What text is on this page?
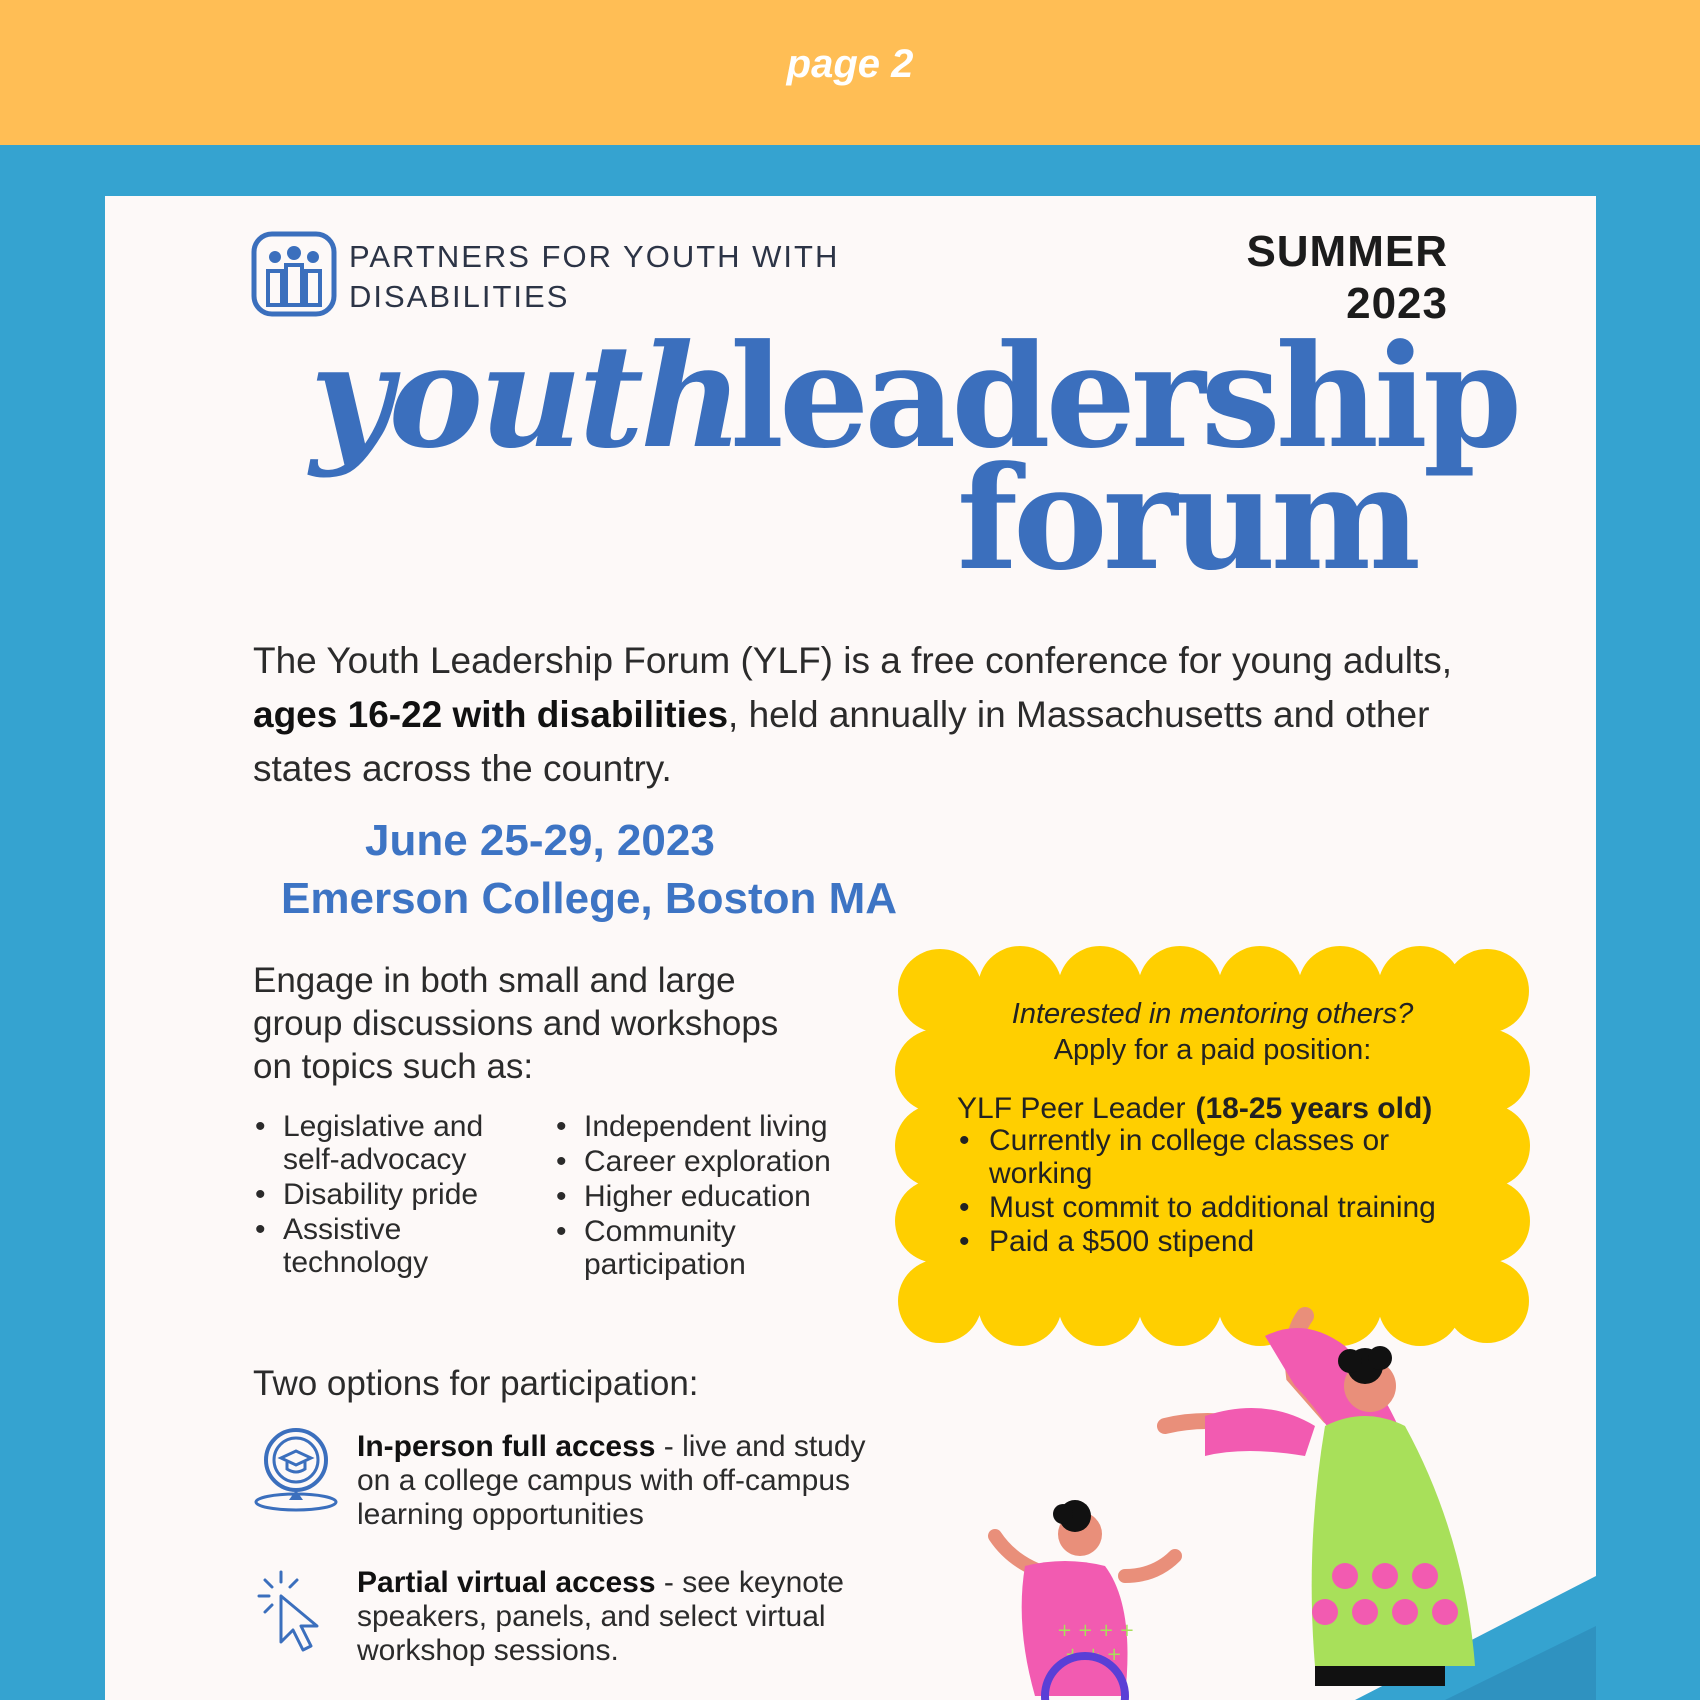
page 2
PARTNERS FOR YOUTH WITH
DISABILITIES
SUMMER
2023
youth
leadership
forum

The Youth Leadership Forum (YLF) is a free conference for young adults, ages 16-22 with disabilities, held annually in Massachusetts and other states across the country.

June 25-29, 2023
Emerson College, Boston MA

Engage in both small and large group discussions and workshops on topics such as:

• Legislative and self-advocacy
• Disability pride
• Assistive technology
• Independent living
• Career exploration
• Higher education
• Community participation
Interested in mentoring others?
Apply for a paid position:
YLF Peer Leader (18-25 years old)
• Currently in college classes or working
• Must commit to additional training
• Paid a $500 stipend
Two options for participation:

In-person full access - live and study on a college campus with off-campus learning opportunities

Partial virtual access - see keynote speakers, panels, and select virtual workshop sessions.

+ + + +
+ + +
